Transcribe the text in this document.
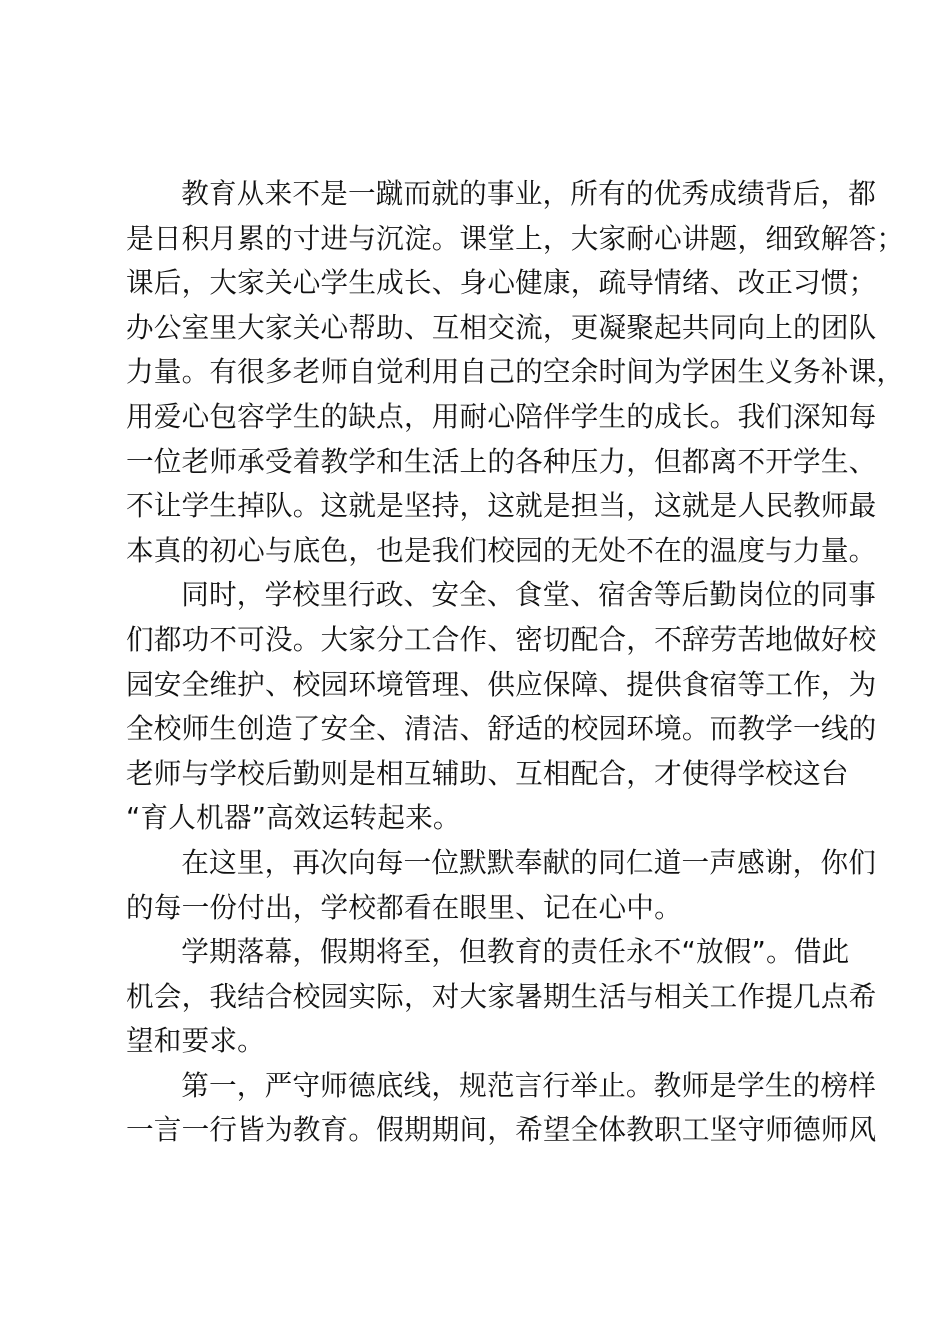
教育从来不是一蹴而就的事业，所有的优秀成绩背后，都
是日积月累的寸进与沉淀。课堂上，大家耐心讲题，细致解答；
课后，大家关心学生成长、身心健康，疏导情绪、改正习惯；
办公室里大家关心帮助、互相交流，更凝聚起共同向上的团队
力量。有很多老师自觉利用自己的空余时间为学困生义务补课，
用爱心包容学生的缺点，用耐心陪伴学生的成长。我们深知每
一位老师承受着教学和生活上的各种压力，但都离不开学生、
不让学生掉队。这就是坚持，这就是担当，这就是人民教师最
本真的初心与底色，也是我们校园的无处不在的温度与力量。

同时，学校里行政、安全、食堂、宿舍等后勤岗位的同事
们都功不可没。大家分工合作、密切配合，不辞劳苦地做好校
园安全维护、校园环境管理、供应保障、提供食宿等工作，为
全校师生创造了安全、清洁、舒适的校园环境。而教学一线的
老师与学校后勤则是相互辅助、互相配合，才使得学校这台
“育人机器”高效运转起来。

在这里，再次向每一位默默奉献的同仁道一声感谢，你们
的每一份付出，学校都看在眼里、记在心中。

学期落幕，假期将至，但教育的责任永不“放假”。借此
机会，我结合校园实际，对大家暑期生活与相关工作提几点希
望和要求。

第一，严守师德底线，规范言行举止。教师是学生的榜样
一言一行皆为教育。假期期间，希望全体教职工坚守师德师风
